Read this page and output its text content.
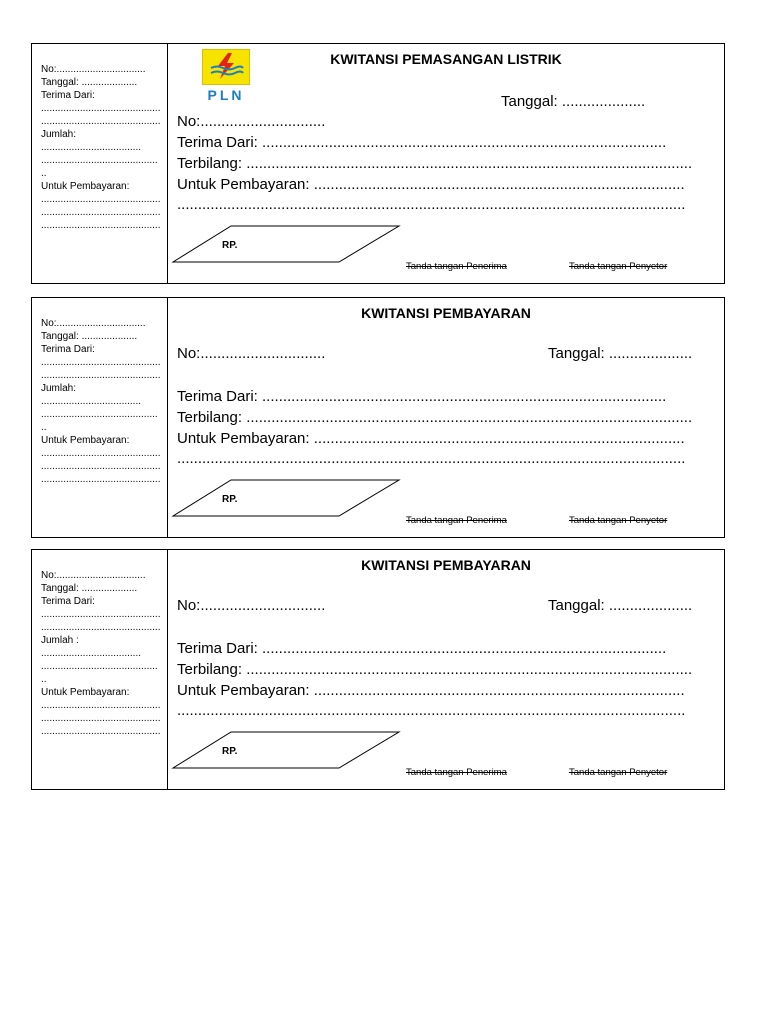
No:................................
Tanggal: ....................
Terima Dari:
...........................................
...........................................
Jumlah:
....................................
..........................................
..
Untuk Pembayaran:
...........................................
...........................................
...........................................
PLN
KWITANSI PEMASANGAN LISTRIK
Tanggal: ....................
No:..............................
Terima Dari: .................................................................................................
Terbilang: ...........................................................................................................
Untuk Pembayaran: .........................................................................................
..........................................................................................................................
RP.
Tanda tangan Penerima	Tanda tangan Penyetor
No:................................
Tanggal: ....................
Terima Dari:
...........................................
...........................................
Jumlah:
....................................
..........................................
..
Untuk Pembayaran:
...........................................
...........................................
...........................................
KWITANSI PEMBAYARAN
No:..............................	Tanggal: ....................
Terima Dari: .................................................................................................
Terbilang: ...........................................................................................................
Untuk Pembayaran: .........................................................................................
..........................................................................................................................
RP.
Tanda tangan Penerima	Tanda tangan Penyetor
No:................................
Tanggal: ....................
Terima Dari:
...........................................
...........................................
Jumlah :
....................................
..........................................
..
Untuk Pembayaran:
...........................................
...........................................
...........................................
KWITANSI PEMBAYARAN
No:..............................	Tanggal: ....................
Terima Dari: .................................................................................................
Terbilang: ...........................................................................................................
Untuk Pembayaran: .........................................................................................
..........................................................................................................................
RP.
Tanda tangan Penerima	Tanda tangan Penyetor
